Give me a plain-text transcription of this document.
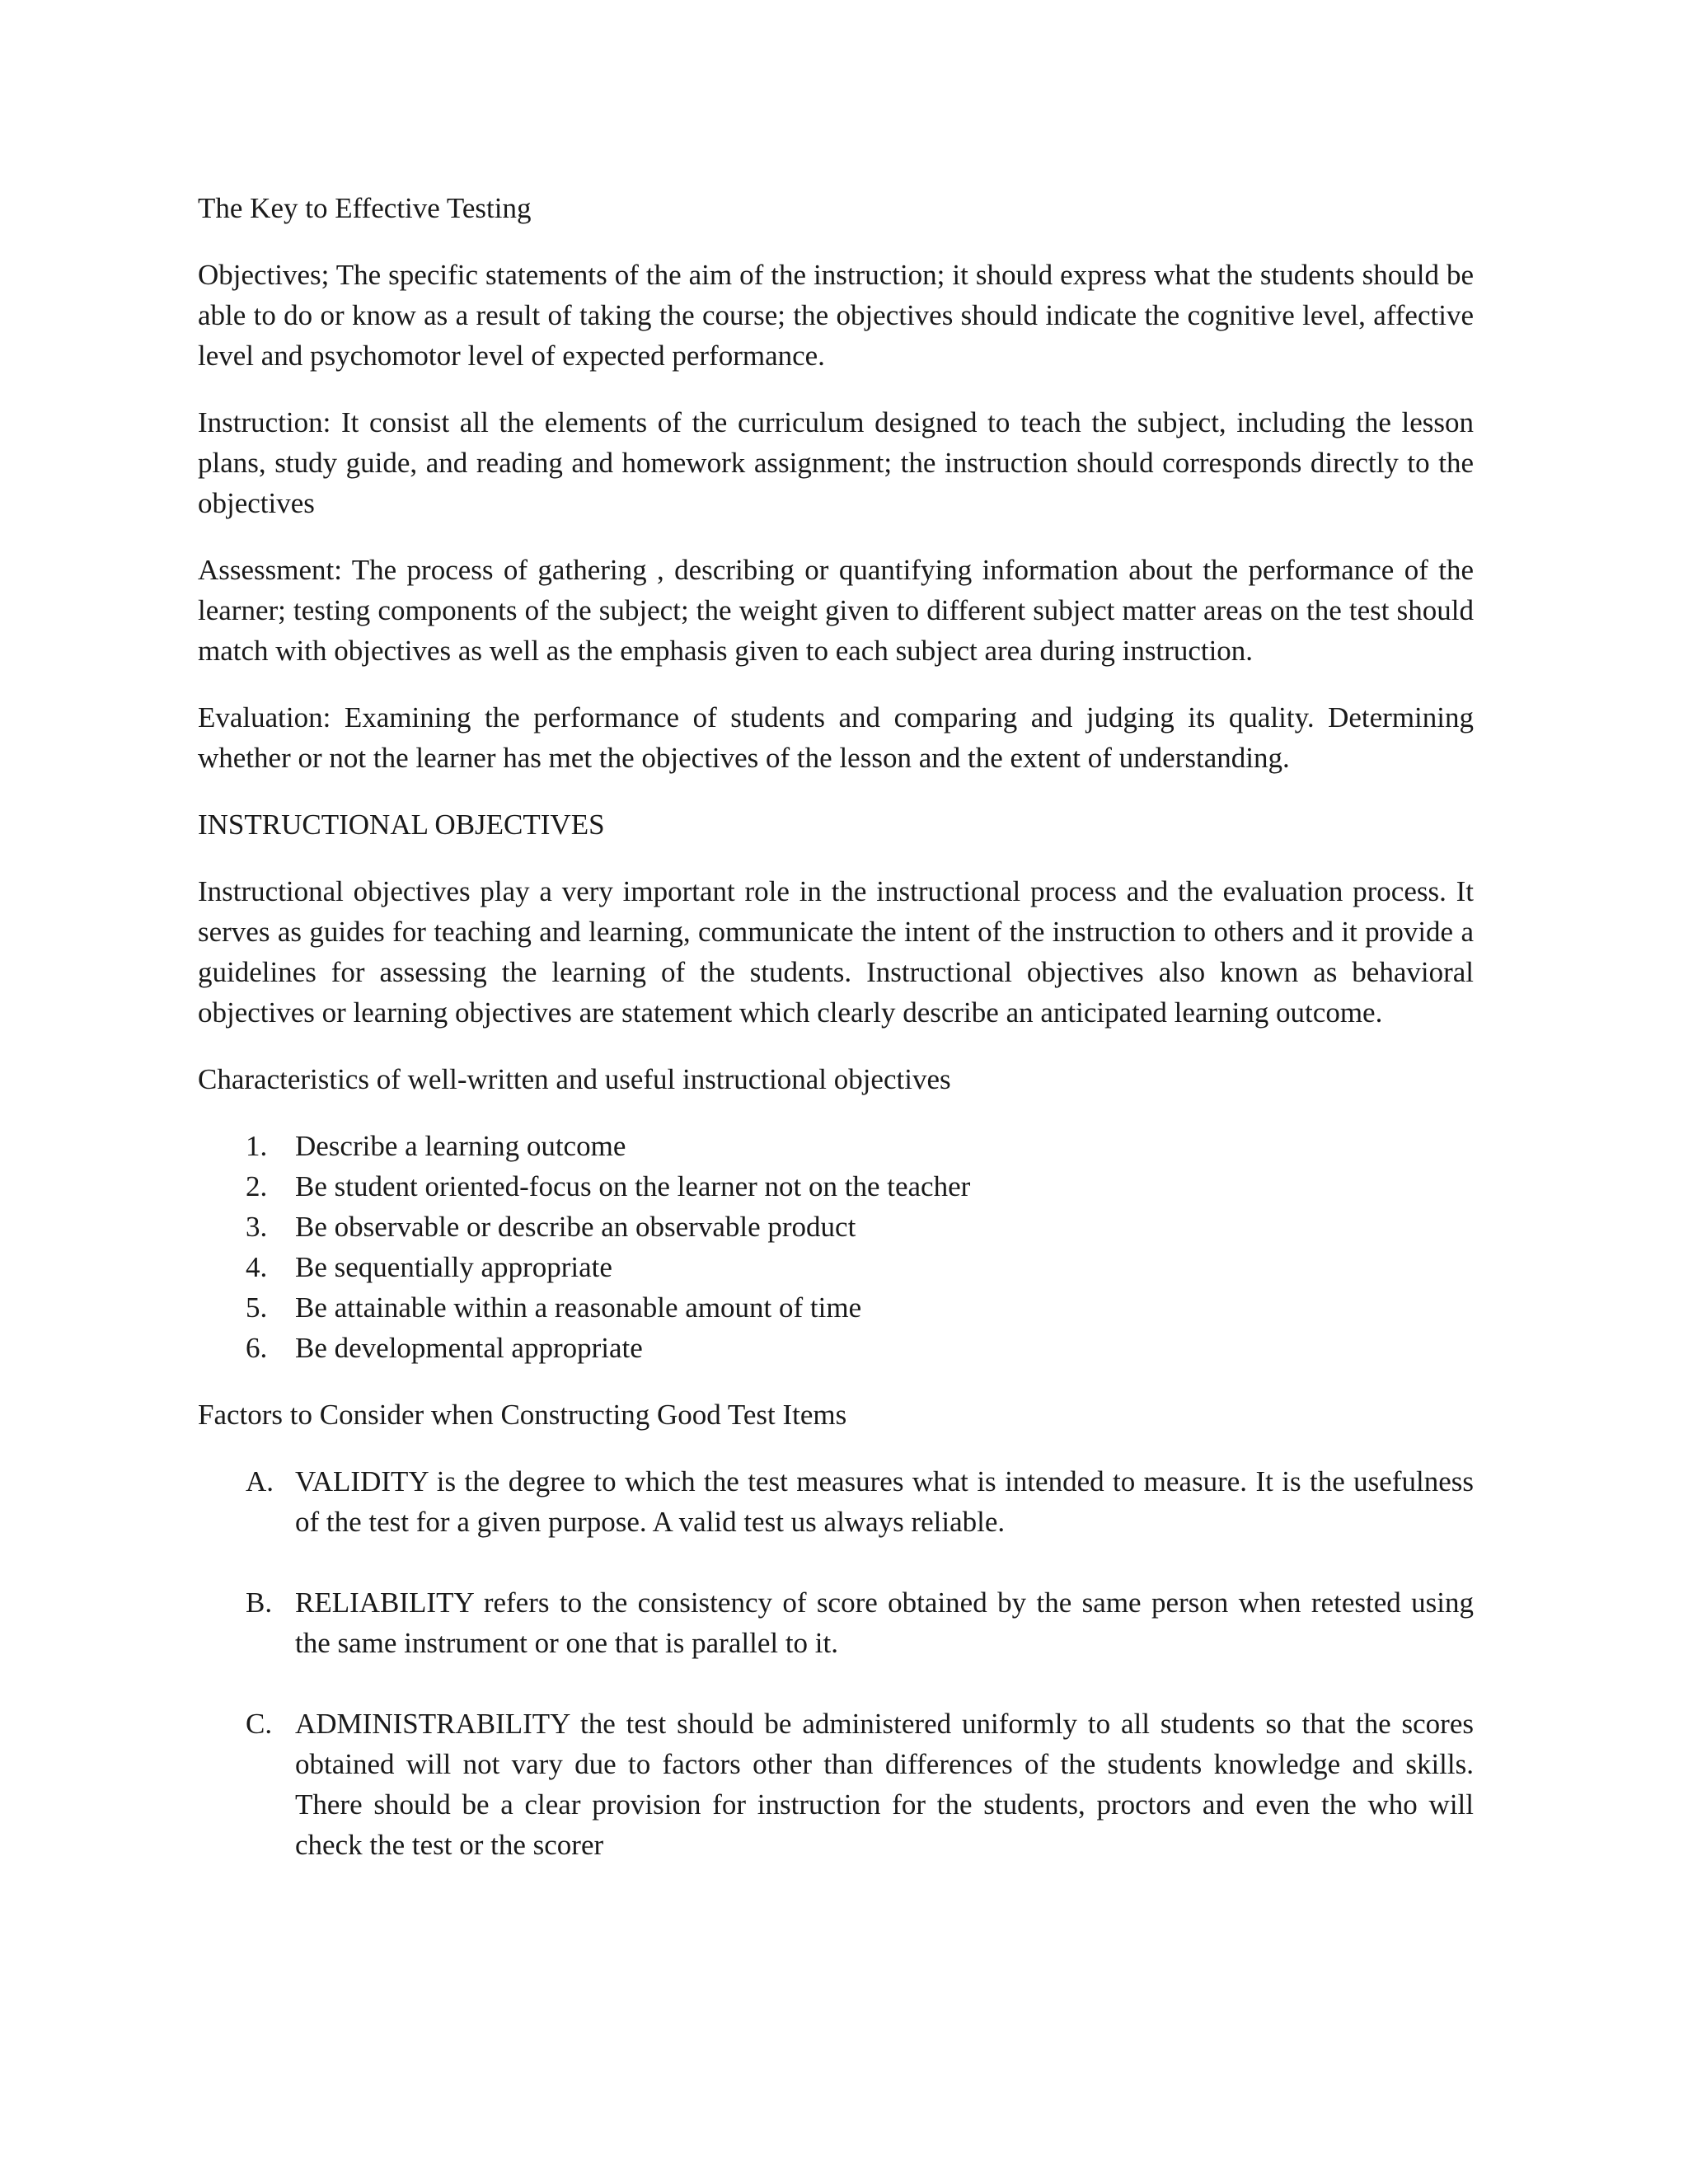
The Key to Effective Testing

Objectives; The specific statements of the aim of the instruction; it should express what the students should be able to do or know as a result of taking the course; the objectives should indicate the cognitive level, affective level and psychomotor level of expected performance.

Instruction: It consist all the elements of the curriculum designed to teach the subject, including the lesson plans, study guide, and reading and homework assignment; the instruction should corresponds directly to the objectives

Assessment: The process of gathering , describing or quantifying information about the performance of the learner; testing components of the subject; the weight given to different subject matter areas on the test should match with objectives as well as the emphasis given to each subject area during instruction.

Evaluation: Examining the performance of students and comparing and judging its quality. Determining whether or not the learner has met the objectives of the lesson and the extent of understanding.

INSTRUCTIONAL OBJECTIVES

Instructional objectives play a very important role in the instructional process and the evaluation process. It serves as guides for teaching and learning, communicate the intent of the instruction to others and it provide a guidelines for assessing the learning of the students. Instructional objectives also known as behavioral objectives or learning objectives are statement which clearly describe an anticipated learning outcome.

Characteristics of well-written and useful instructional objectives

1. Describe a learning outcome
2. Be student oriented-focus on the learner not on the teacher
3. Be observable or describe an observable product
4. Be sequentially appropriate
5. Be attainable within a reasonable amount of time
6. Be developmental appropriate

Factors to Consider when Constructing Good Test Items

A. VALIDITY is the degree to which the test measures what is intended to measure. It is the usefulness of the test for a given purpose. A valid test us always reliable.
B. RELIABILITY refers to the consistency of score obtained by the same person when retested using the same instrument or one that is parallel to it.
C. ADMINISTRABILITY the test should be administered uniformly to all students so that the scores obtained will not vary due to factors other than differences of the students knowledge and skills. There should be a clear provision for instruction for the students, proctors and even the who will check the test or the scorer
